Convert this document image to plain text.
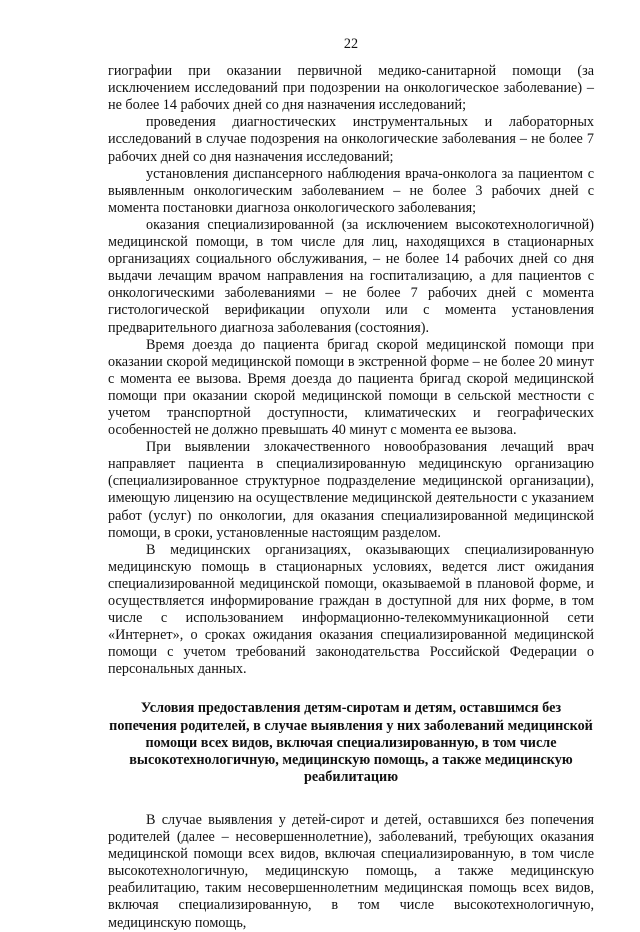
22

гиографии при оказании первичной медико-санитарной помощи (за исключением исследований при подозрении на онкологическое заболевание) – не более 14 рабочих дней со дня назначения исследований;

проведения диагностических инструментальных и лабораторных исследований в случае подозрения на онкологические заболевания – не более 7 рабочих дней со дня назначения исследований;

установления диспансерного наблюдения врача-онколога за пациентом с выявленным онкологическим заболеванием – не более 3 рабочих дней с момента постановки диагноза онкологического заболевания;

оказания специализированной (за исключением высокотехнологичной) медицинской помощи, в том числе для лиц, находящихся в стационарных организациях социального обслуживания, – не более 14 рабочих дней со дня выдачи лечащим врачом направления на госпитализацию, а для пациентов с онкологическими заболеваниями – не более 7 рабочих дней с момента гистологической верификации опухоли или с момента установления предварительного диагноза заболевания (состояния).

Время доезда до пациента бригад скорой медицинской помощи при оказании скорой медицинской помощи в экстренной форме – не более 20 минут с момента ее вызова. Время доезда до пациента бригад скорой медицинской помощи при оказании скорой медицинской помощи в сельской местности с учетом транспортной доступности, климатических и географических особенностей не должно превышать 40 минут с момента ее вызова.

При выявлении злокачественного новообразования лечащий врач направляет пациента в специализированную медицинскую организацию (специализированное структурное подразделение медицинской организации), имеющую лицензию на осуществление медицинской деятельности с указанием работ (услуг) по онкологии, для оказания специализированной медицинской помощи, в сроки, установленные настоящим разделом.

В медицинских организациях, оказывающих специализированную медицинскую помощь в стационарных условиях, ведется лист ожидания специализированной медицинской помощи, оказываемой в плановой форме, и осуществляется информирование граждан в доступной для них форме, в том числе с использованием информационно-телекоммуникационной сети «Интернет», о сроках ожидания оказания специализированной медицинской помощи с учетом требований законодательства Российской Федерации о персональных данных.

Условия предоставления детям-сиротам и детям, оставшимся без попечения родителей, в случае выявления у них заболеваний медицинской помощи всех видов, включая специализированную, в том числе высокотехнологичную, медицинскую помощь, а также медицинскую реабилитацию

В случае выявления у детей-сирот и детей, оставшихся без попечения родителей (далее – несовершеннолетние), заболеваний, требующих оказания медицинской помощи всех видов, включая специализированную, в том числе высокотехнологичную, медицинскую помощь, а также медицинскую реабилитацию, таким несовершеннолетним медицинская помощь всех видов, включая специализированную, в том числе высокотехнологичную, медицинскую помощь,
